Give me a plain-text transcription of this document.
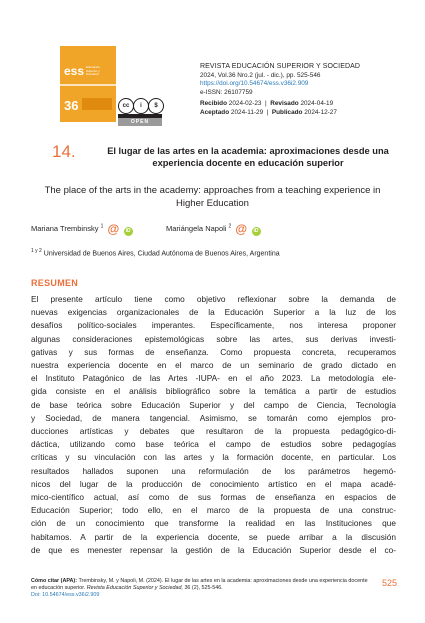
ess Educación Superior y Sociedad
36	cc	i	$
OPEN ACCESS
REVISTA EDUCACIÓN SUPERIOR Y SOCIEDAD
2024, Vol.36 Nro.2 (jul. - dic.), pp. 525-546
https://doi.org/10.54674/ess.v36i2.909
e-ISSN: 26107759
Recibido 2024-02-23  |  Revisado 2024-04-19
Aceptado 2024-11-29  |  Publicado 2024-12-27
14.	El lugar de las artes en la academia: aproximaciones desde una experiencia docente en educación superior
The place of the arts in the academy: approaches from a teaching experience in Higher Education
Mariana Trembinsky $^1$ @ iD	Mariángela Napoli $^2$ @ iD
$^{1 y 2}$ Universidad de Buenos Aires, Ciudad Autónoma de Buenos Aires, Argentina
RESUMEN
El presente artículo tiene como objetivo reflexionar sobre la demanda de
nuevas exigencias organizacionales de la Educación Superior a la luz de los
desafíos político-sociales imperantes. Específicamente, nos interesa proponer
algunas consideraciones epistemológicas sobre las artes, sus derivas investi-
gativas y sus formas de enseñanza. Como propuesta concreta, recuperamos
nuestra experiencia docente en el marco de un seminario de grado dictado en
el Instituto Patagónico de las Artes -IUPA- en el año 2023. La metodología ele-
gida consiste en el análisis bibliográfico sobre la temática a partir de estudios
de base teórica sobre Educación Superior y del campo de Ciencia, Tecnología
y Sociedad, de manera tangencial. Asimismo, se tomarán como ejemplos pro-
ducciones artísticas y debates que resultaron de la propuesta pedagógico-di-
dáctica, utilizando como base teórica el campo de estudios sobre pedagogías
críticas y su vinculación con las artes y la formación docente, en particular. Los
resultados hallados suponen una reformulación de los parámetros hegemó-
nicos del lugar de la producción de conocimiento artístico en el mapa acadé-
mico-científico actual, así como de sus formas de enseñanza en espacios de
Educación Superior; todo ello, en el marco de la propuesta de una construc-
ción de un conocimiento que transforme la realidad en las Instituciones que
habitamos. A partir de la experiencia docente, se puede arribar a la discusión
de que es menester repensar la gestión de la Educación Superior desde el co-
Cómo citar (APA): Trembinsky, M. y Napoli, M. (2024). El lugar de las artes en la academia: aproximaciones desde una experiencia docente en educación superior. Revista Educación Superior y Sociedad, 36 (2), 525-546.
Doi: 10.54674/ess.v36i2.909
525
